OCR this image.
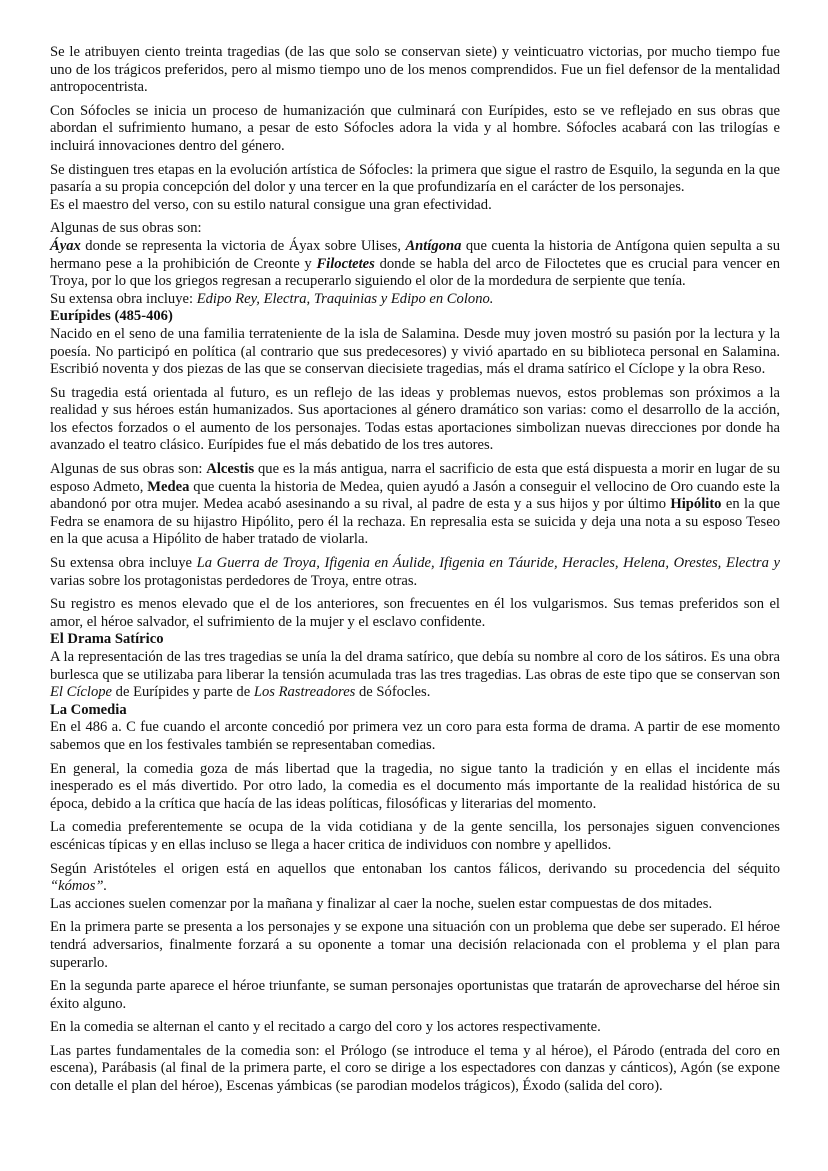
Se le atribuyen ciento treinta tragedias (de las que solo se conservan siete) y veinticuatro victorias, por mucho tiempo fue uno de los trágicos preferidos, pero al mismo tiempo uno de los menos comprendidos. Fue un fiel defensor de la mentalidad antropocentrista.

Con Sófocles se inicia un proceso de humanización que culminará con Eurípides, esto se ve reflejado en sus obras que abordan el sufrimiento humano, a pesar de esto Sófocles adora la vida y al hombre. Sófocles acabará con las trilogías e incluirá innovaciones dentro del género.

Se distinguen tres etapas en la evolución artística de Sófocles: la primera que sigue el rastro de Esquilo, la segunda en la que pasaría a su propia concepción del dolor y una tercer en la que profundizaría en el carácter de los personajes.

Es el maestro del verso, con su estilo natural consigue una gran efectividad.

Algunas de sus obras son:

Áyax donde se representa la victoria de Áyax sobre Ulises, Antígona que cuenta la historia de Antígona quien sepulta a su hermano pese a la prohibición de Creonte y Filoctetes donde se habla del arco de Filoctetes que es crucial para vencer en Troya, por lo que los griegos regresan a recuperarlo siguiendo el olor de la mordedura de serpiente que tenía.

Su extensa obra incluye: Edipo Rey, Electra, Traquinias y Edipo en Colono.

Eurípides (485-406)

Nacido en el seno de una familia terrateniente de la isla de Salamina. Desde muy joven mostró su pasión por la lectura y la poesía. No participó en política (al contrario que sus predecesores) y vivió apartado en su biblioteca personal en Salamina. Escribió noventa y dos piezas de las que se conservan diecisiete tragedias, más el drama satírico el Cíclope y la obra Reso.

Su tragedia está orientada al futuro, es un reflejo de las ideas y problemas nuevos, estos problemas son próximos a la realidad y sus héroes están humanizados. Sus aportaciones al género dramático son varias: como el desarrollo de la acción, los efectos forzados o el aumento de los personajes. Todas estas aportaciones simbolizan nuevas direcciones por donde ha avanzado el teatro clásico. Eurípides fue el más debatido de los tres autores.

Algunas de sus obras son: Alcestis que es la más antigua, narra el sacrificio de esta que está dispuesta a morir en lugar de su esposo Admeto, Medea que cuenta la historia de Medea, quien ayudó a Jasón a conseguir el vellocino de Oro cuando este la abandonó por otra mujer. Medea acabó asesinando a su rival, al padre de esta y a sus hijos y por último Hipólito en la que Fedra se enamora de su hijastro Hipólito, pero él la rechaza. En represalia esta se suicida y deja una nota a su esposo Teseo en la que acusa a Hipólito de haber tratado de violarla.

Su extensa obra incluye La Guerra de Troya, Ifigenia en Áulide, Ifigenia en Táuride, Heracles, Helena, Orestes, Electra y varias sobre los protagonistas perdedores de Troya, entre otras.

Su registro es menos elevado que el de los anteriores, son frecuentes en él los vulgarismos. Sus temas preferidos son el amor, el héroe salvador, el sufrimiento de la mujer y el esclavo confidente.

El Drama Satírico

A la representación de las tres tragedias se unía la del drama satírico, que debía su nombre al coro de los sátiros. Es una obra burlesca que se utilizaba para liberar la tensión acumulada tras las tres tragedias. Las obras de este tipo que se conservan son El Cíclope de Eurípides y parte de Los Rastreadores de Sófocles.

La Comedia

En el 486 a. C fue cuando el arconte concedió por primera vez un coro para esta forma de drama. A partir de ese momento sabemos que en los festivales también se representaban comedias.

En general, la comedia goza de más libertad que la tragedia, no sigue tanto la tradición y en ellas el incidente más inesperado es el más divertido. Por otro lado, la comedia es el documento más importante de la realidad histórica de su época, debido a la crítica que hacía de las ideas políticas, filosóficas y literarias del momento.

La comedia preferentemente se ocupa de la vida cotidiana y de la gente sencilla, los personajes siguen convenciones escénicas típicas y en ellas incluso se llega a hacer critica de individuos con nombre y apellidos.

Según Aristóteles el origen está en aquellos que entonaban los cantos fálicos, derivando su procedencia del séquito “kómos”.

Las acciones suelen comenzar por la mañana y finalizar al caer la noche, suelen estar compuestas de dos mitades.

En la primera parte se presenta a los personajes y se expone una situación con un problema que debe ser superado. El héroe tendrá adversarios, finalmente forzará a su oponente a tomar una decisión relacionada con el problema y el plan para superarlo.

En la segunda parte aparece el héroe triunfante, se suman personajes oportunistas que tratarán de aprovecharse del héroe sin éxito alguno.

En la comedia se alternan el canto y el recitado a cargo del coro y los actores respectivamente.

Las partes fundamentales de la comedia son: el Prólogo (se introduce el tema y al héroe), el Párodo (entrada del coro en escena), Parábasis (al final de la primera parte, el coro se dirige a los espectadores con danzas y cánticos), Agón (se expone con detalle el plan del héroe), Escenas yámbicas (se parodian modelos trágicos), Éxodo (salida del coro).
